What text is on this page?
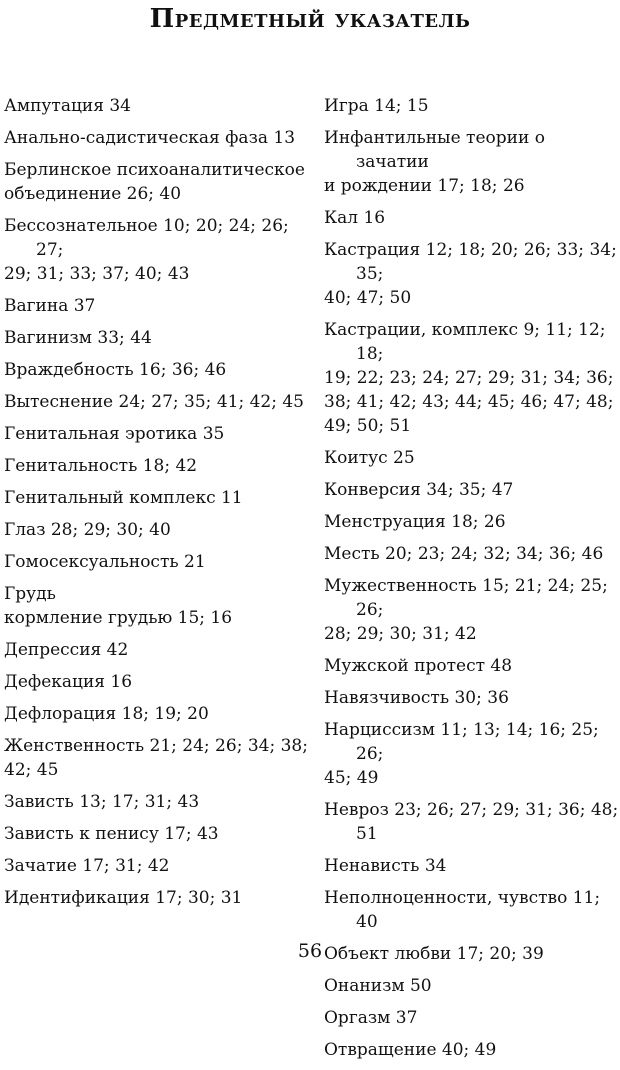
Предметный указатель
Ампутация 34
Анально-садистическая фаза 13
Берлинское психоаналитическое
объединение 26; 40
Бессознательное 10; 20; 24; 26; 27;
29; 31; 33; 37; 40; 43
Вагина 37
Вагинизм 33; 44
Враждебность 16; 36; 46
Вытеснение 24; 27; 35; 41; 42; 45
Генитальная эротика 35
Генитальность 18; 42
Генитальный комплекс 11
Глаз 28; 29; 30; 40
Гомосексуальность 21
Грудь
кормление грудью 15; 16
Депрессия 42
Дефекация 16
Дефлорация 18; 19; 20
Женственность 21; 24; 26; 34; 38;
42; 45
Зависть 13; 17; 31; 43
Зависть к пенису 17; 43
Зачатие 17; 31; 42
Идентификация 17; 30; 31
Игра 14; 15
Инфантильные теории о зачатии
и рождении 17; 18; 26
Кал 16
Кастрация 12; 18; 20; 26; 33; 34; 35;
40; 47; 50
Кастрации, комплекс 9; 11; 12; 18;
19; 22; 23; 24; 27; 29; 31; 34; 36;
38; 41; 42; 43; 44; 45; 46; 47; 48;
49; 50; 51
Коитус 25
Конверсия 34; 35; 47
Менструация 18; 26
Месть 20; 23; 24; 32; 34; 36; 46
Мужественность 15; 21; 24; 25; 26;
28; 29; 30; 31; 42
Мужской протест 48
Навязчивость 30; 36
Нарциссизм 11; 13; 14; 16; 25; 26;
45; 49
Невроз 23; 26; 27; 29; 31; 36; 48; 51
Ненависть 34
Неполноценности, чувство 11; 40
Объект любви 17; 20; 39
Онанизм 50
Оргазм 37
Отвращение 40; 49
56
